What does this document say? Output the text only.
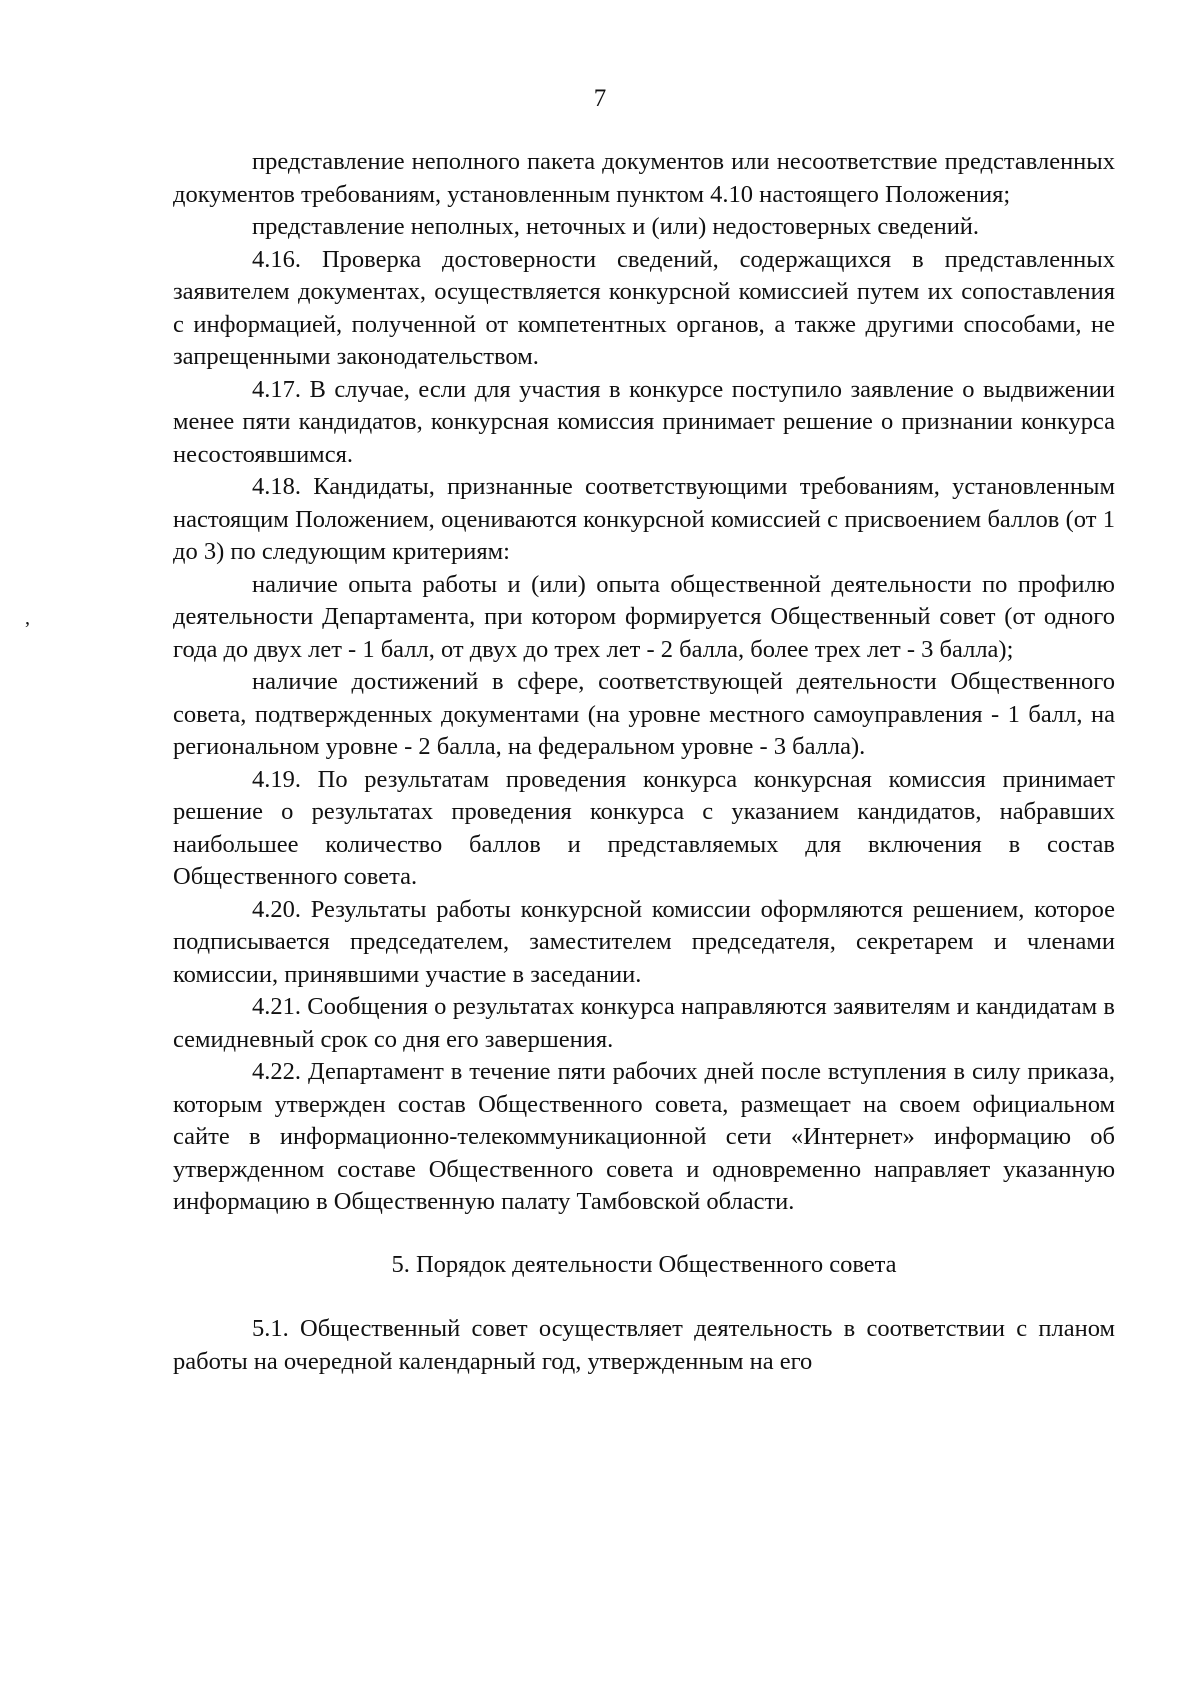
7
,

представление неполного пакета документов или несоответствие представленных документов требованиям, установленным пунктом 4.10 настоящего Положения;

представление неполных, неточных и (или) недостоверных сведений.

4.16. Проверка достоверности сведений, содержащихся в представленных заявителем документах, осуществляется конкурсной комиссией путем их сопоставления с информацией, полученной от компетентных органов, а также другими способами, не запрещенными законодательством.

4.17. В случае, если для участия в конкурсе поступило заявление о выдвижении менее пяти кандидатов, конкурсная комиссия принимает решение о признании конкурса несостоявшимся.

4.18. Кандидаты, признанные соответствующими требованиям, установленным настоящим Положением, оцениваются конкурсной комиссией с присвоением баллов (от 1 до 3) по следующим критериям:

наличие опыта работы и (или) опыта общественной деятельности по профилю деятельности Департамента, при котором формируется Общественный совет (от одного года до двух лет - 1 балл, от двух до трех лет - 2 балла, более трех лет - 3 балла);

наличие достижений в сфере, соответствующей деятельности Общественного совета, подтвержденных документами (на уровне местного самоуправления - 1 балл, на региональном уровне - 2 балла, на федеральном уровне - 3 балла).

4.19. По результатам проведения конкурса конкурсная комиссия принимает решение о результатах проведения конкурса с указанием кандидатов, набравших наибольшее количество баллов и представляемых для включения в состав Общественного совета.

4.20. Результаты работы конкурсной комиссии оформляются решением, которое подписывается председателем, заместителем председателя, секретарем и членами комиссии, принявшими участие в заседании.

4.21. Сообщения о результатах конкурса направляются заявителям и кандидатам в семидневный срок со дня его завершения.

4.22. Департамент в течение пяти рабочих дней после вступления в силу приказа, которым утвержден состав Общественного совета, размещает на своем официальном сайте в информационно-телекоммуникационной сети «Интернет» информацию об утвержденном составе Общественного совета и одновременно направляет указанную информацию в Общественную палату Тамбовской области.

5. Порядок деятельности Общественного совета

5.1. Общественный совет осуществляет деятельность в соответствии с планом работы на очередной календарный год, утвержденным на его
